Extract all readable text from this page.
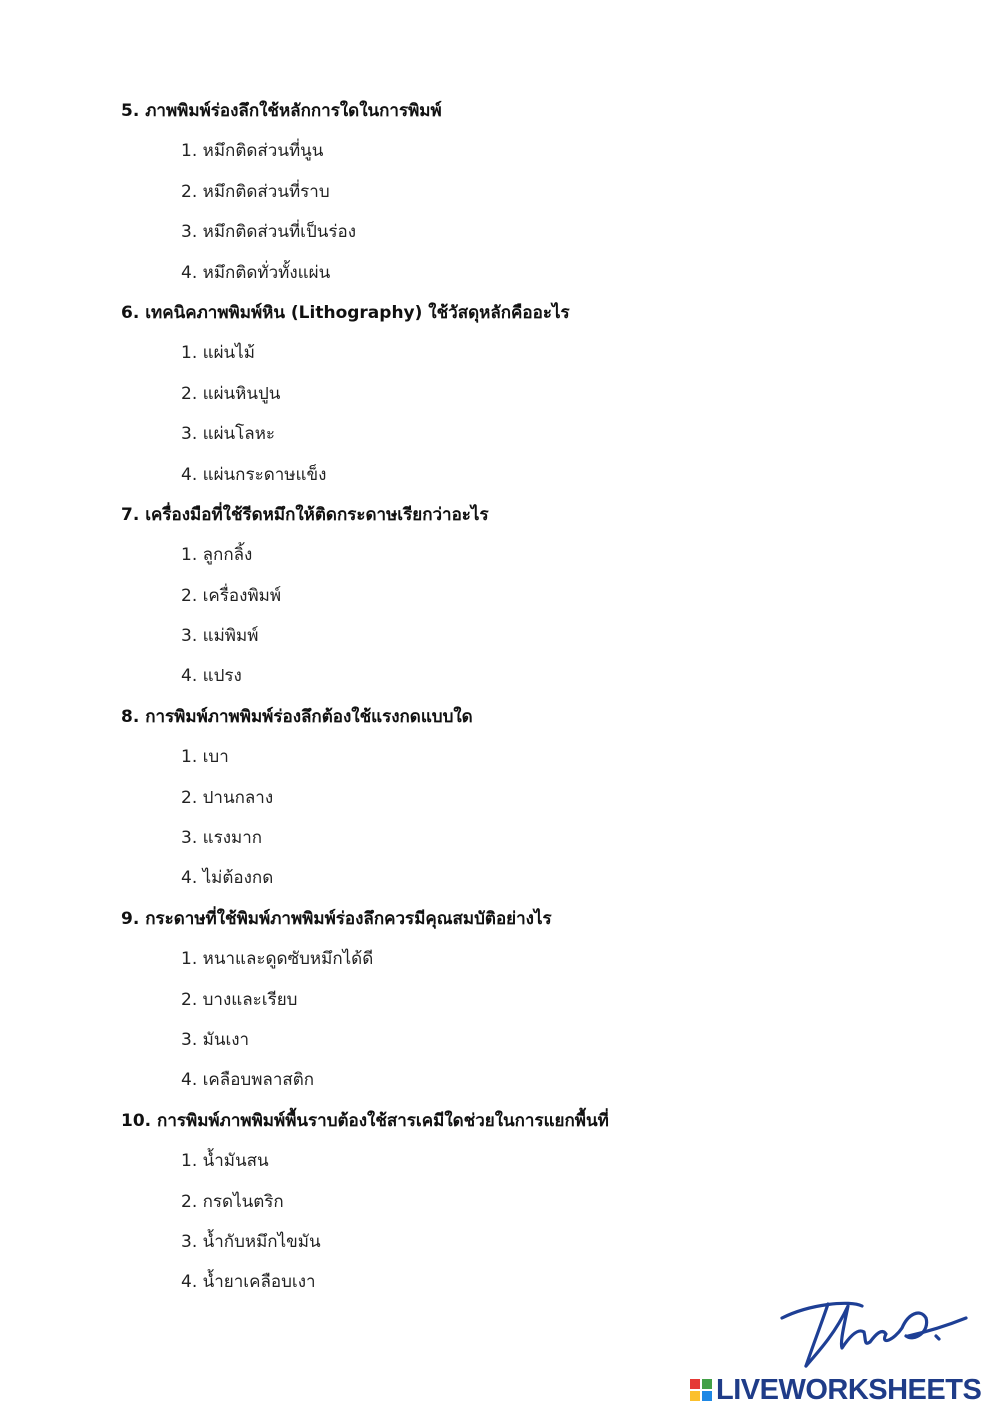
5. ภาพพิมพ์ร่องลึกใช้หลักการใดในการพิมพ์
1. หมึกติดส่วนที่นูน
2. หมึกติดส่วนที่ราบ
3. หมึกติดส่วนที่เป็นร่อง
4. หมึกติดทั่วทั้งแผ่น
6. เทคนิคภาพพิมพ์หิน (Lithography) ใช้วัสดุหลักคืออะไร
1. แผ่นไม้
2. แผ่นหินปูน
3. แผ่นโลหะ
4. แผ่นกระดาษแข็ง
7. เครื่องมือที่ใช้รีดหมึกให้ติดกระดาษเรียกว่าอะไร
1. ลูกกลิ้ง
2. เครื่องพิมพ์
3. แม่พิมพ์
4. แปรง
8. การพิมพ์ภาพพิมพ์ร่องลึกต้องใช้แรงกดแบบใด
1. เบา
2. ปานกลาง
3. แรงมาก
4. ไม่ต้องกด
9. กระดาษที่ใช้พิมพ์ภาพพิมพ์ร่องลึกควรมีคุณสมบัติอย่างไร
1. หนาและดูดซับหมึกได้ดี
2. บางและเรียบ
3. มันเงา
4. เคลือบพลาสติก
10. การพิมพ์ภาพพิมพ์พื้นราบต้องใช้สารเคมีใดช่วยในการแยกพื้นที่
1. น้ำมันสน
2. กรดไนตริก
3. น้ำกับหมึกไขมัน
4. น้ำยาเคลือบเงา
LIVEWORKSHEETS
